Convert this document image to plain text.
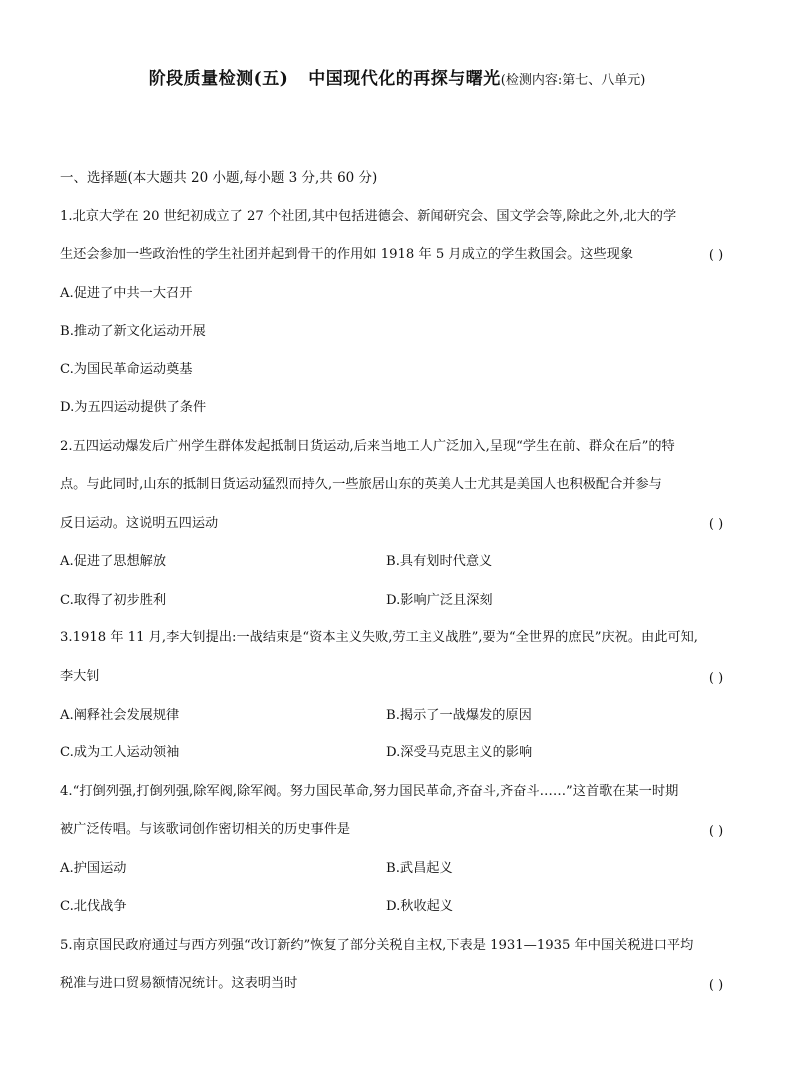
阶段质量检测(五) 中国现代化的再探与曙光(检测内容:第七、八单元)
一、选择题(本大题共 20 小题,每小题 3 分,共 60 分)
1.北京大学在 20 世纪初成立了 27 个社团,其中包括进德会、新闻研究会、国文学会等,除此之外,北大的学
生还会参加一些政治性的学生社团并起到骨干的作用如 1918 年 5 月成立的学生救国会。这些现象	( )
A.促进了中共一大召开
B.推动了新文化运动开展
C.为国民革命运动奠基
D.为五四运动提供了条件
2.五四运动爆发后广州学生群体发起抵制日货运动,后来当地工人广泛加入,呈现“学生在前、群众在后”的特
点。与此同时,山东的抵制日货运动猛烈而持久,一些旅居山东的英美人士尤其是美国人也积极配合并参与
反日运动。这说明五四运动	( )
A.促进了思想解放	B.具有划时代意义
C.取得了初步胜利	D.影响广泛且深刻
3.1918 年 11 月,李大钊提出:一战结束是“资本主义失败,劳工主义战胜”,要为“全世界的庶民”庆祝。由此可知,
李大钊	( )
A.阐释社会发展规律	B.揭示了一战爆发的原因
C.成为工人运动领袖	D.深受马克思主义的影响
4.“打倒列强,打倒列强,除军阀,除军阀。努力国民革命,努力国民革命,齐奋斗,齐奋斗……”这首歌在某一时期
被广泛传唱。与该歌词创作密切相关的历史事件是	( )
A.护国运动	B.武昌起义
C.北伐战争	D.秋收起义
5.南京国民政府通过与西方列强“改订新约”恢复了部分关税自主权,下表是 1931—1935 年中国关税进口平均
税准与进口贸易额情况统计。这表明当时	( )
